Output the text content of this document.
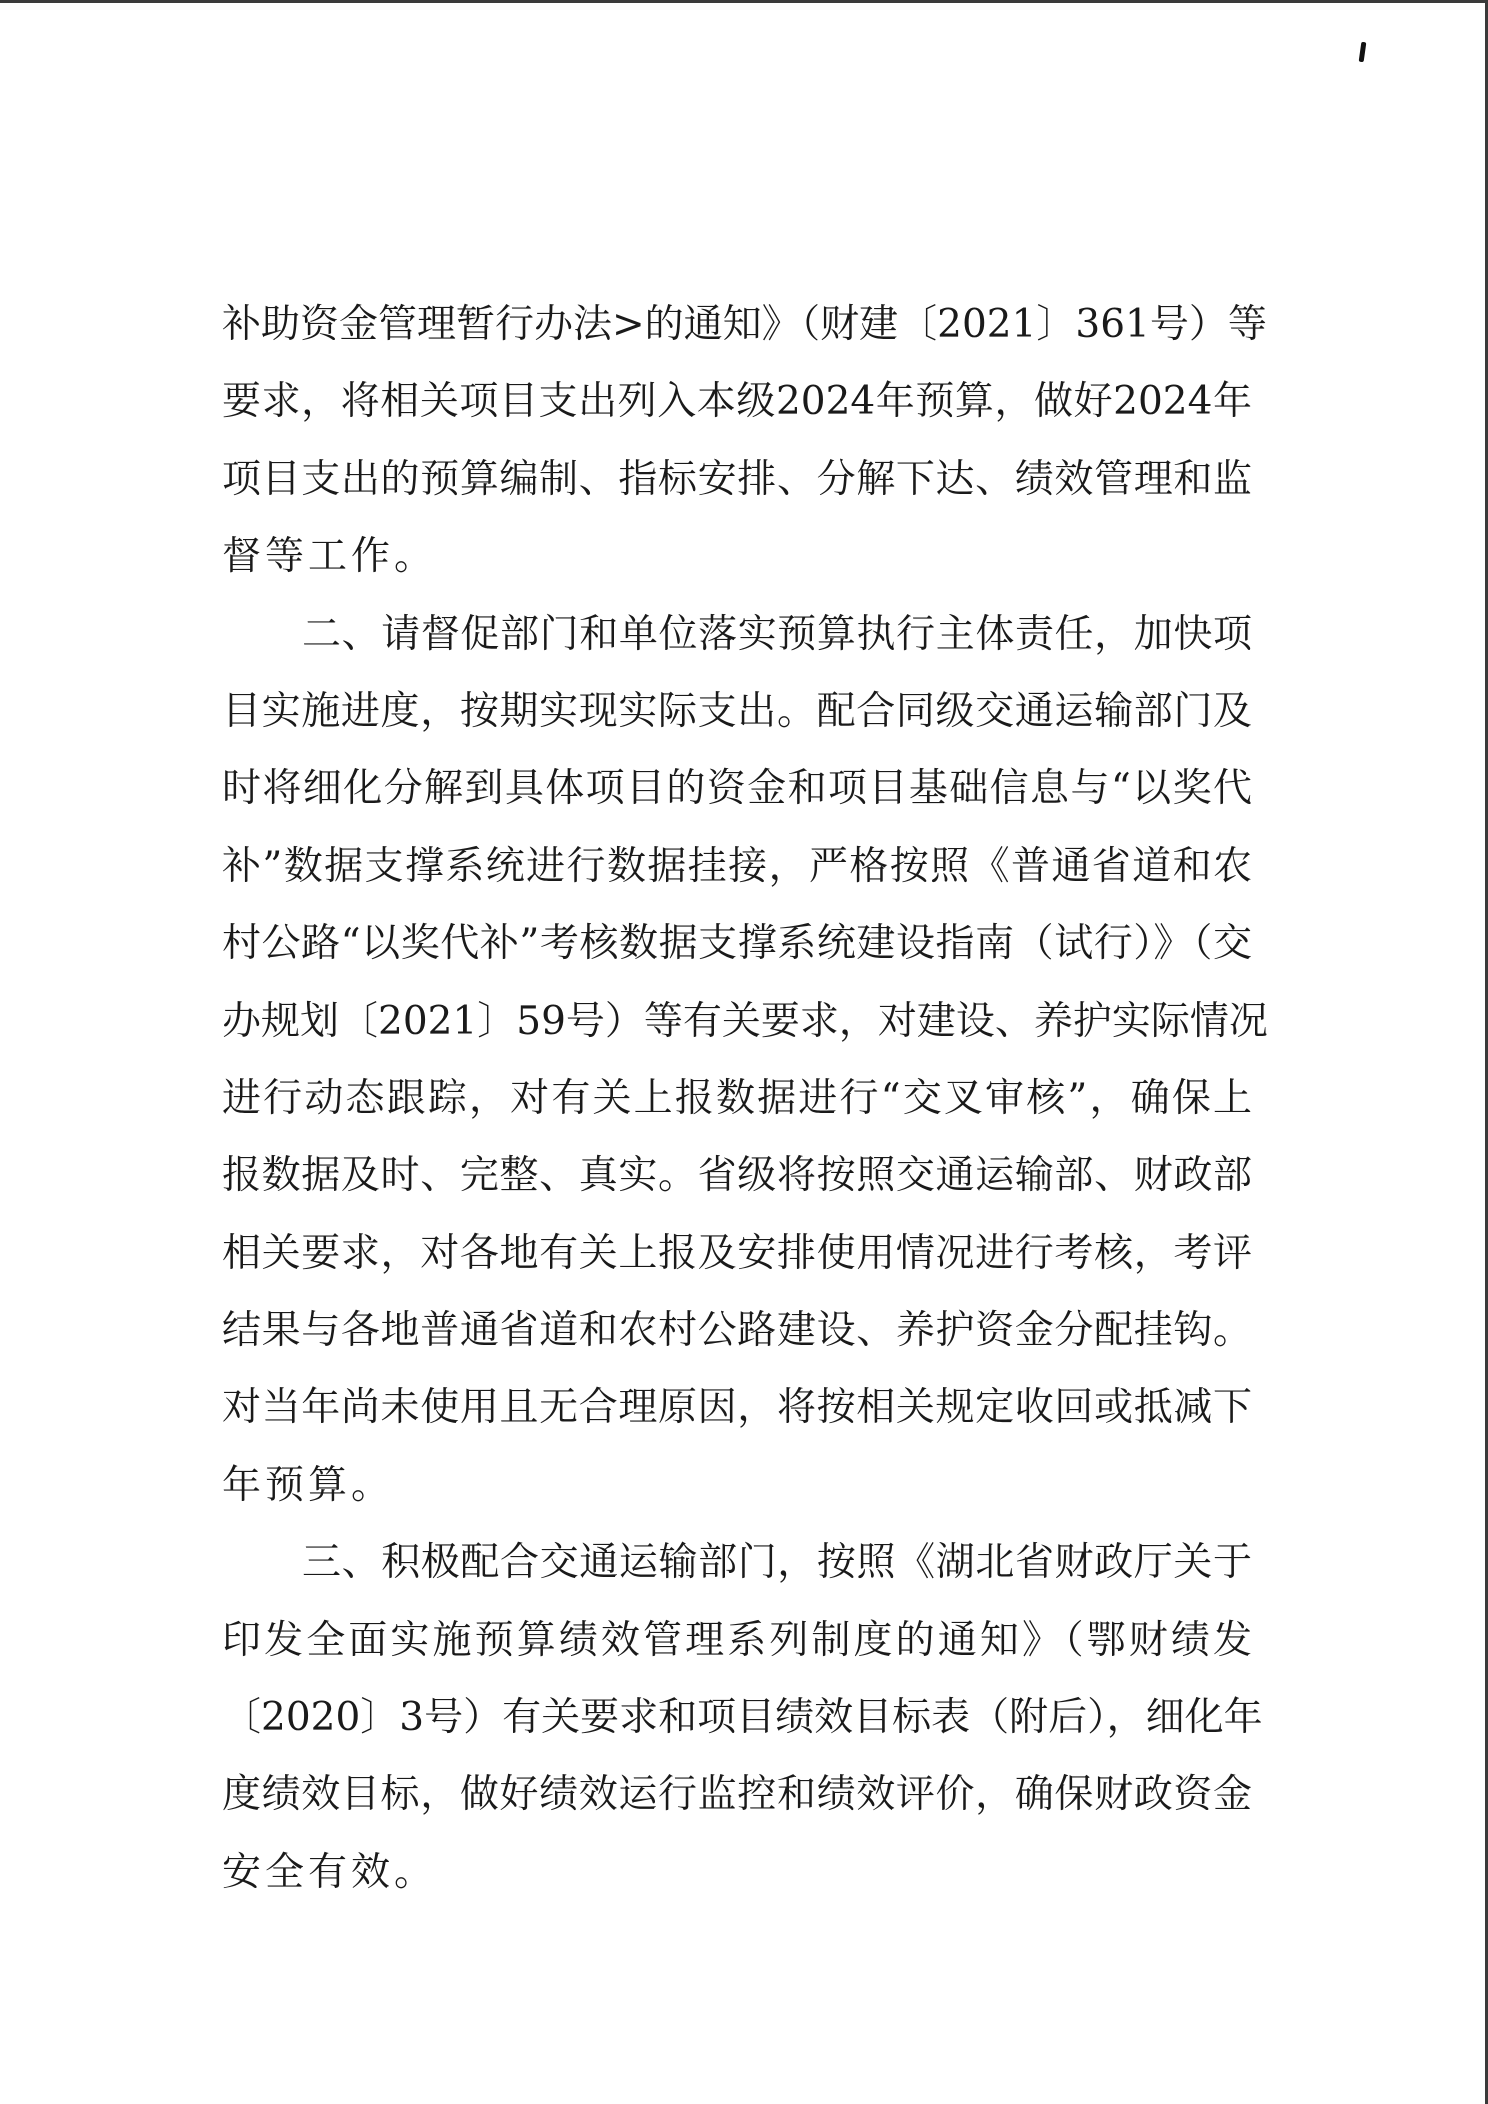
补助资金管理暂行办法>的通知》（财建〔2021〕361号）等
要求，将相关项目支出列入本级2024年预算，做好2024年
项目支出的预算编制、指标安排、分解下达、绩效管理和监
督等工作。
二、请督促部门和单位落实预算执行主体责任，加快项
目实施进度，按期实现实际支出。配合同级交通运输部门及
时将细化分解到具体项目的资金和项目基础信息与“以奖代
补”数据支撑系统进行数据挂接，严格按照《普通省道和农
村公路“以奖代补”考核数据支撑系统建设指南（试行）》（交
办规划〔2021〕59号）等有关要求，对建设、养护实际情况
进行动态跟踪，对有关上报数据进行“交叉审核”，确保上
报数据及时、完整、真实。省级将按照交通运输部、财政部
相关要求，对各地有关上报及安排使用情况进行考核，考评
结果与各地普通省道和农村公路建设、养护资金分配挂钩。
对当年尚未使用且无合理原因，将按相关规定收回或抵减下
年预算。
三、积极配合交通运输部门，按照《湖北省财政厅关于
印发全面实施预算绩效管理系列制度的通知》（鄂财绩发
〔2020〕3号）有关要求和项目绩效目标表（附后），细化年
度绩效目标，做好绩效运行监控和绩效评价，确保财政资金
安全有效。
